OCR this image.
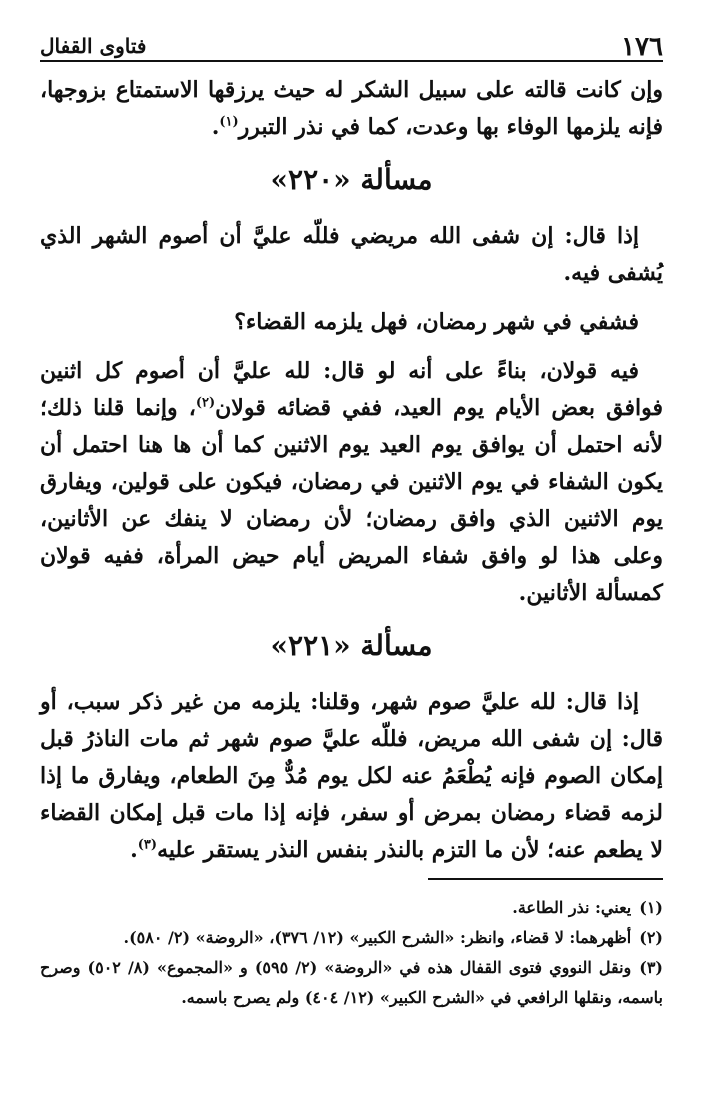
١٧٦
فتاوى القفال

وإن كانت قالته على سبيل الشكر له حيث يرزقها الاستمتاع بزوجها، فإنه يلزمها الوفاء بها وعدت، كما في نذر التبرر$^{(١)}$.

مسألة «٢٢٠»

إذا قال: إن شفى الله مريضي فللّه عليَّ أن أصوم الشهر الذي يُشفى فيه.

فشفي في شهر رمضان، فهل يلزمه القضاء؟

فيه قولان، بناءً على أنه لو قال: لله عليَّ أن أصوم كل اثنين فوافق بعض الأيام يوم العيد، ففي قضائه قولان$^{(٢)}$، وإنما قلنا ذلك؛ لأنه احتمل أن يوافق يوم العيد يوم الاثنين كما أن ها هنا احتمل أن يكون الشفاء في يوم الاثنين في رمضان، فيكون على قولين، ويفارق يوم الاثنين الذي وافق رمضان؛ لأن رمضان لا ينفك عن الأثانين، وعلى هذا لو وافق شفاء المريض أيام حيض المرأة، ففيه قولان كمسألة الأثانين.

مسألة «٢٢١»

إذا قال: لله عليَّ صوم شهر، وقلنا: يلزمه من غير ذكر سبب، أو قال: إن شفى الله مريض، فللّه عليَّ صوم شهر ثم مات الناذرُ قبل إمكان الصوم فإنه يُطْعَمُ عنه لكل يوم مُدٌّ مِنَ الطعام، ويفارق ما إذا لزمه قضاء رمضان بمرض أو سفر، فإنه إذا مات قبل إمكان القضاء لا يطعم عنه؛ لأن ما التزم بالنذر بنفس النذر يستقر عليه$^{(٣)}$.

(١)يعني: نذر الطاعة.

(٢)أظهرهما: لا قضاء، وانظر: «الشرح الكبير» (١٢/ ٣٧٦)، «الروضة» (٢/ ٥٨٠).

(٣)ونقل النووي فتوى القفال هذه في «الروضة» (٢/ ٥٩٥) و «المجموع» (٨/ ٥٠٢) وصرح باسمه، ونقلها الرافعي في «الشرح الكبير» (١٢/ ٤٠٤) ولم يصرح باسمه.
